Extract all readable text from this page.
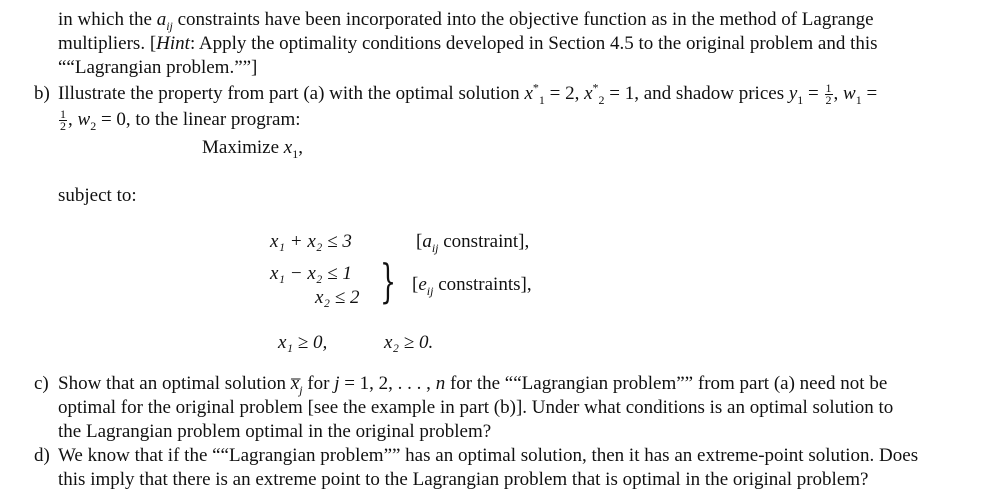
in which the $a_{ij}$ constraints have been incorporated into the objective function as in the method of Lagrange
multipliers. [Hint: Apply the optimality conditions developed in Section 4.5 to the original problem and this
““Lagrangian problem.””]
b) Illustrate the property from part (a) with the optimal solution $x^*_1 = 2$, $x^*_2 = 1$, and shadow prices $y_1 = \frac{1}{2}$ , $w_1$ =
$\frac{1}{2}$ , $w_2 = 0$, to the linear program:
Maximize $x_1$,
subject to:
x₁ + x₂ ≤ 3	[$a_{ij}$ constraint],
x₁ − x₂ ≤ 1
x₂ ≤ 2 } [$e_{ij}$ constraints],
x₁ ≥ 0,	x₂ ≥ 0.
c) Show that an optimal solution $x̅_j$ for j = 1, 2, . . . , n for the ““Lagrangian problem”” from part (a) need not be
optimal for the original problem [see the example in part (b)]. Under what conditions is an optimal solution to
the Lagrangian problem optimal in the original problem?
d) We know that if the ““Lagrangian problem”” has an optimal solution, then it has an extreme-point solution. Does
this imply that there is an extreme point to the Lagrangian problem that is optimal in the original problem?
